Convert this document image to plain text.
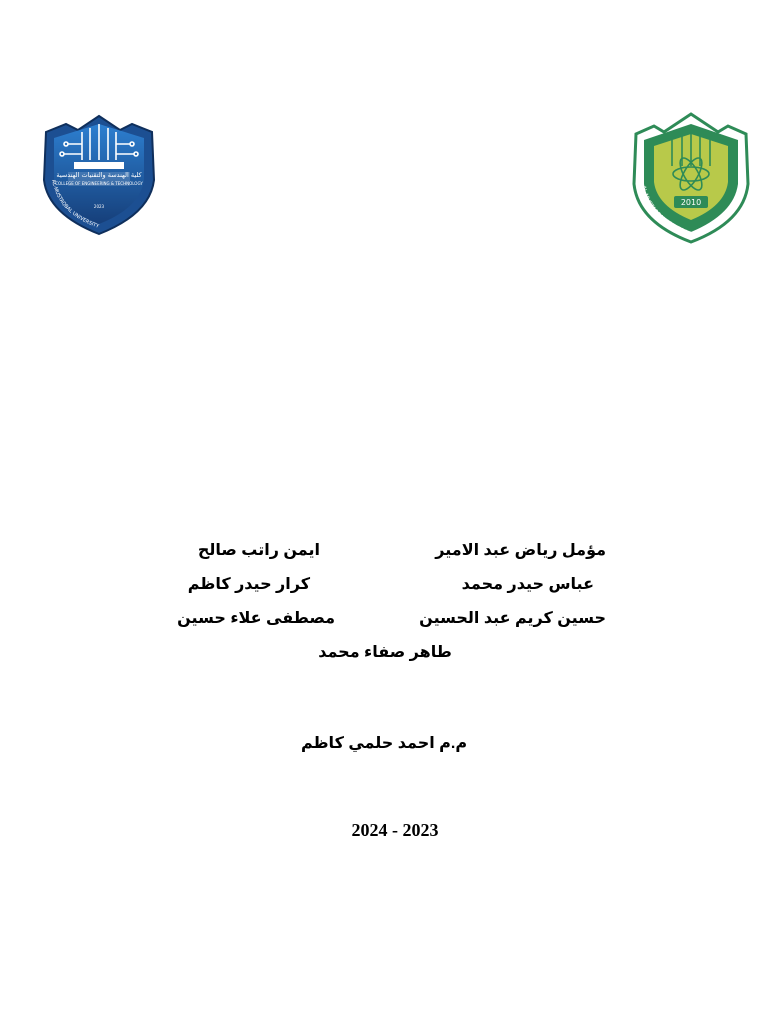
كلية الهندسة والتقنيات الهندسية
COLLEGE OF ENGINEERING & TECHNOLOGY
2023
AL-MUSTAQBAL UNIVERSITY
2010
AL-MUSTAQBAL UNIVERSIT
مؤمل رياض عبد الامير
ايمن راتب صالح
عباس حيدر محمد
كرار حيدر كاظم
حسين كريم عبد الحسين
مصطفى علاء حسين
طاهر صفاء محمد
م.م احمد حلمي كاظم
2024 - 2023
